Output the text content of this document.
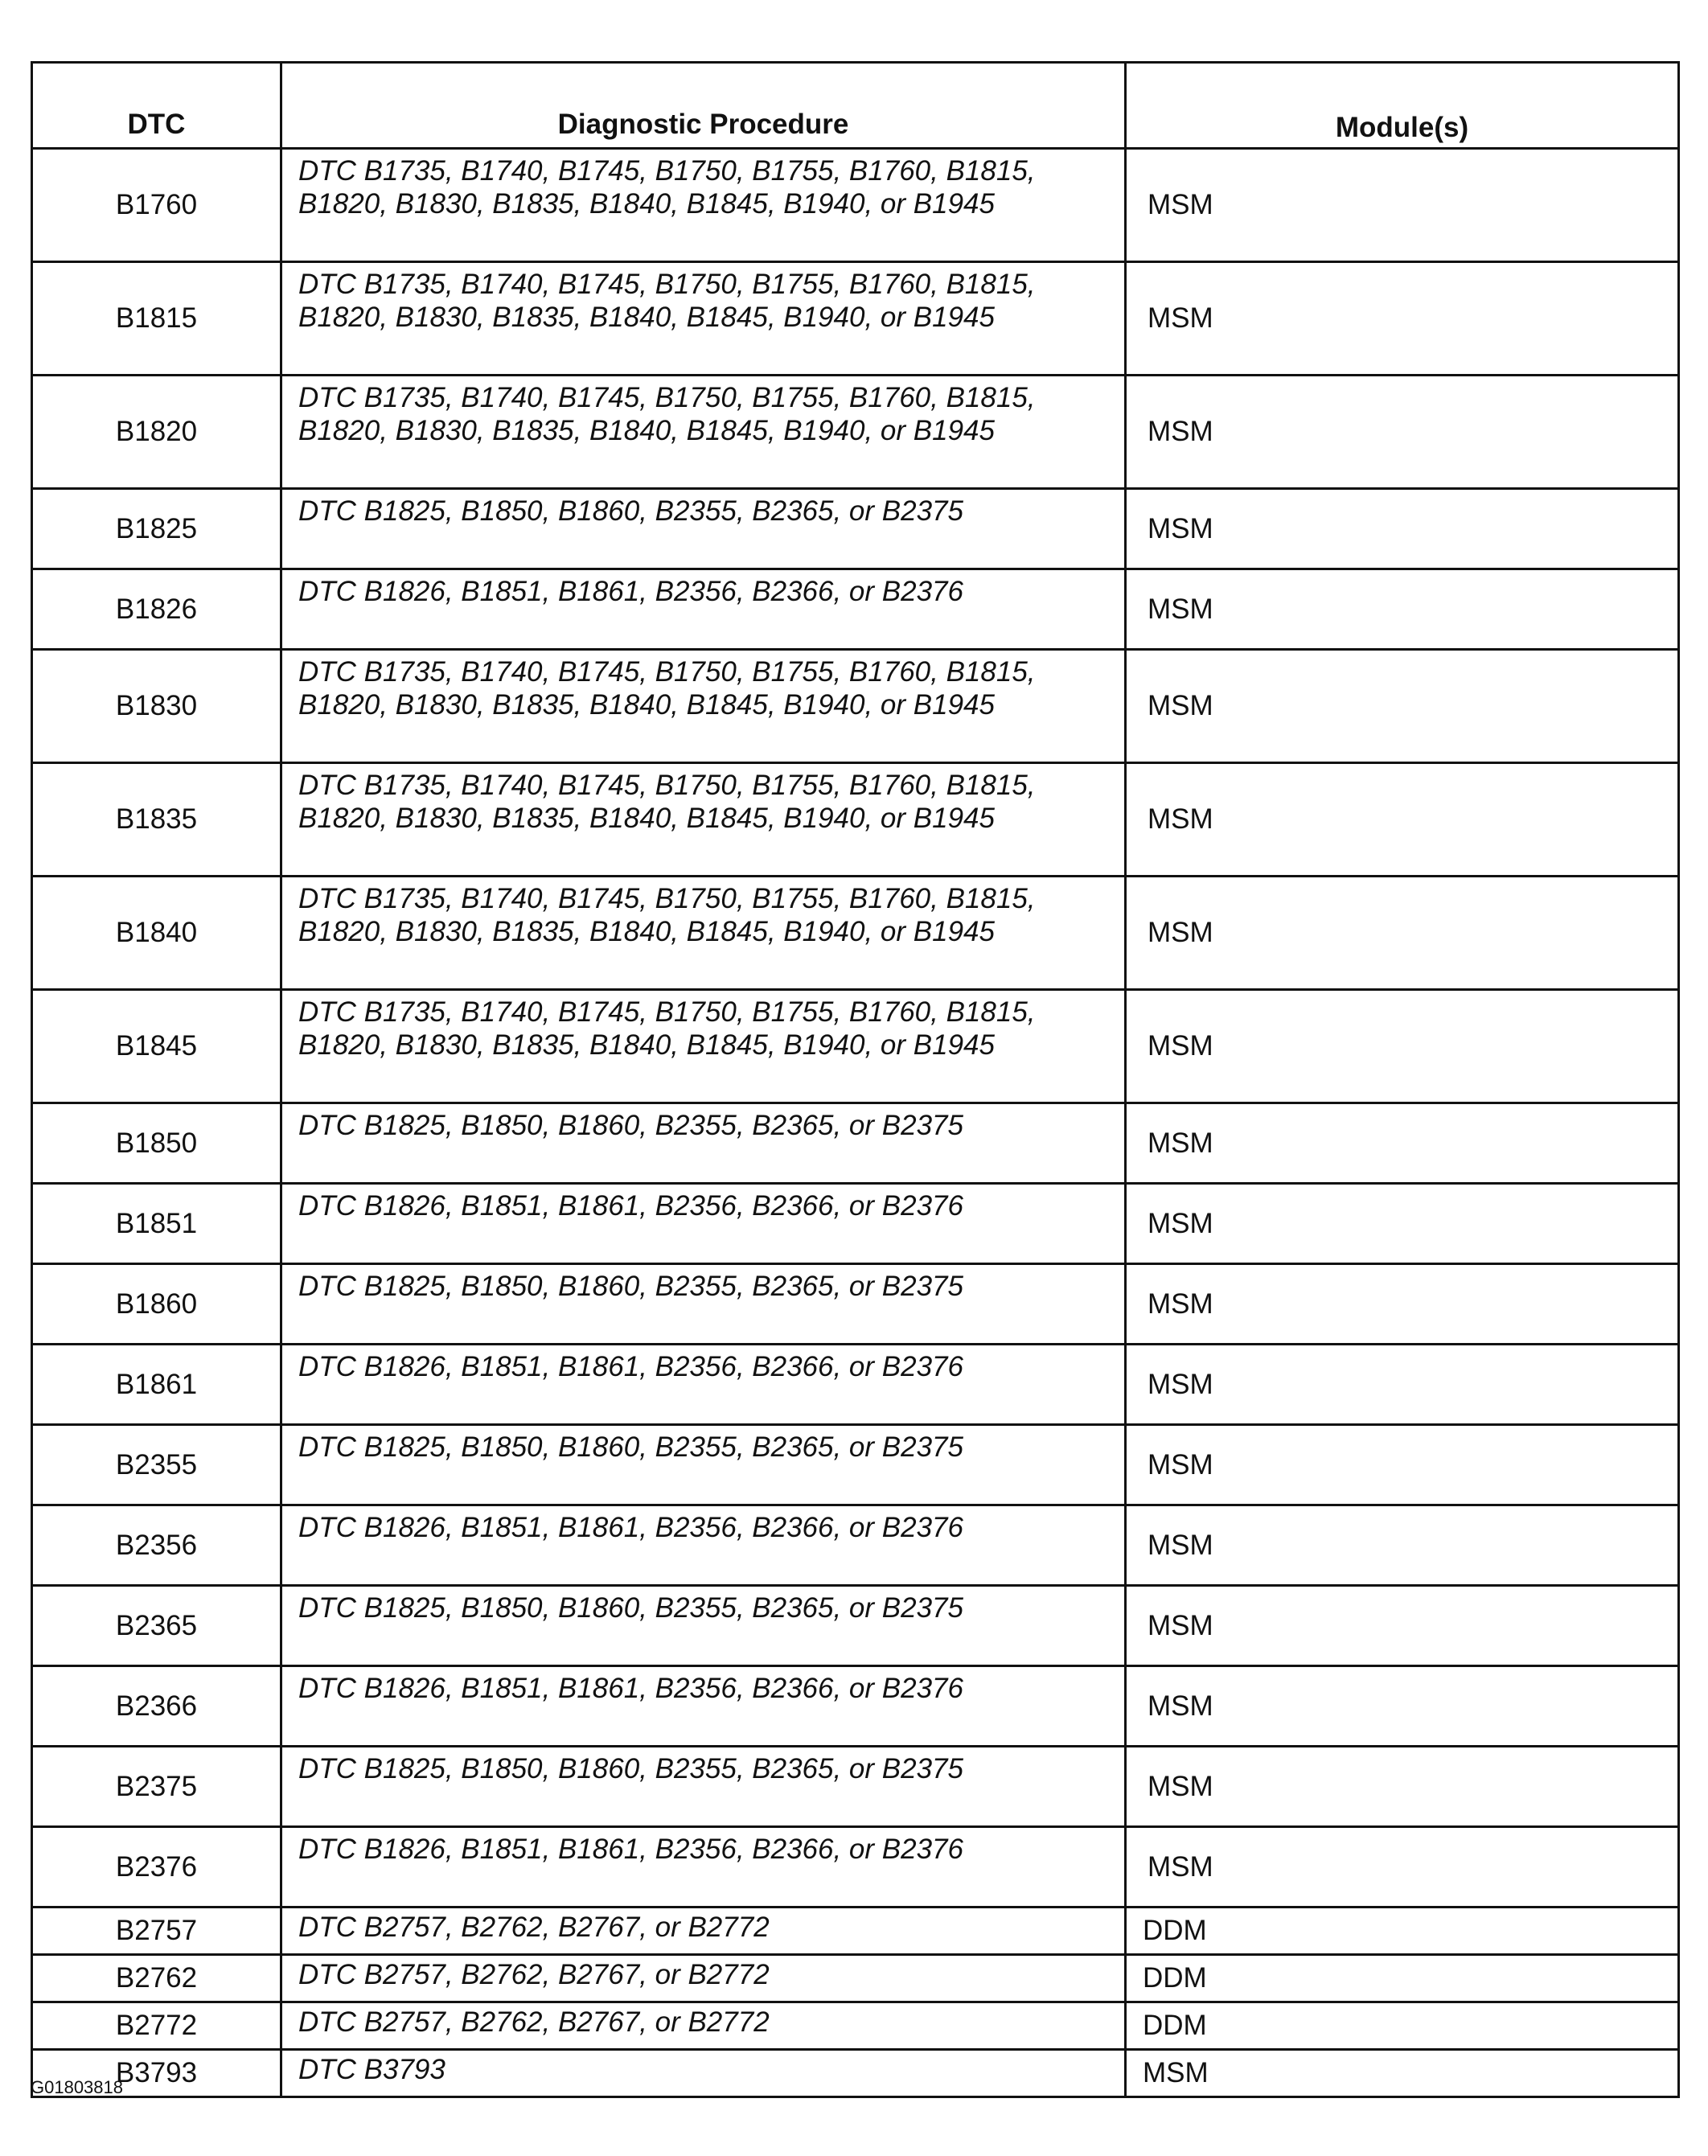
DTC	Diagnostic Procedure	Module(s)
B1760	DTC B1735, B1740, B1745, B1750, B1755, B1760, B1815,
B1820, B1830, B1835, B1840, B1845, B1940, or B1945	MSM
B1815	DTC B1735, B1740, B1745, B1750, B1755, B1760, B1815,
B1820, B1830, B1835, B1840, B1845, B1940, or B1945	MSM
B1820	DTC B1735, B1740, B1745, B1750, B1755, B1760, B1815,
B1820, B1830, B1835, B1840, B1845, B1940, or B1945	MSM
B1825	DTC B1825, B1850, B1860, B2355, B2365, or B2375	MSM
B1826	DTC B1826, B1851, B1861, B2356, B2366, or B2376	MSM
B1830	DTC B1735, B1740, B1745, B1750, B1755, B1760, B1815,
B1820, B1830, B1835, B1840, B1845, B1940, or B1945	MSM
B1835	DTC B1735, B1740, B1745, B1750, B1755, B1760, B1815,
B1820, B1830, B1835, B1840, B1845, B1940, or B1945	MSM
B1840	DTC B1735, B1740, B1745, B1750, B1755, B1760, B1815,
B1820, B1830, B1835, B1840, B1845, B1940, or B1945	MSM
B1845	DTC B1735, B1740, B1745, B1750, B1755, B1760, B1815,
B1820, B1830, B1835, B1840, B1845, B1940, or B1945	MSM
B1850	DTC B1825, B1850, B1860, B2355, B2365, or B2375	MSM
B1851	DTC B1826, B1851, B1861, B2356, B2366, or B2376	MSM
B1860	DTC B1825, B1850, B1860, B2355, B2365, or B2375	MSM
B1861	DTC B1826, B1851, B1861, B2356, B2366, or B2376	MSM
B2355	DTC B1825, B1850, B1860, B2355, B2365, or B2375	MSM
B2356	DTC B1826, B1851, B1861, B2356, B2366, or B2376	MSM
B2365	DTC B1825, B1850, B1860, B2355, B2365, or B2375	MSM
B2366	DTC B1826, B1851, B1861, B2356, B2366, or B2376	MSM
B2375	DTC B1825, B1850, B1860, B2355, B2365, or B2375	MSM
B2376	DTC B1826, B1851, B1861, B2356, B2366, or B2376	MSM
B2757	DTC B2757, B2762, B2767, or B2772	DDM
B2762	DTC B2757, B2762, B2767, or B2772	DDM
B2772	DTC B2757, B2762, B2767, or B2772	DDM
B3793	DTC B3793	MSM
G01803818
